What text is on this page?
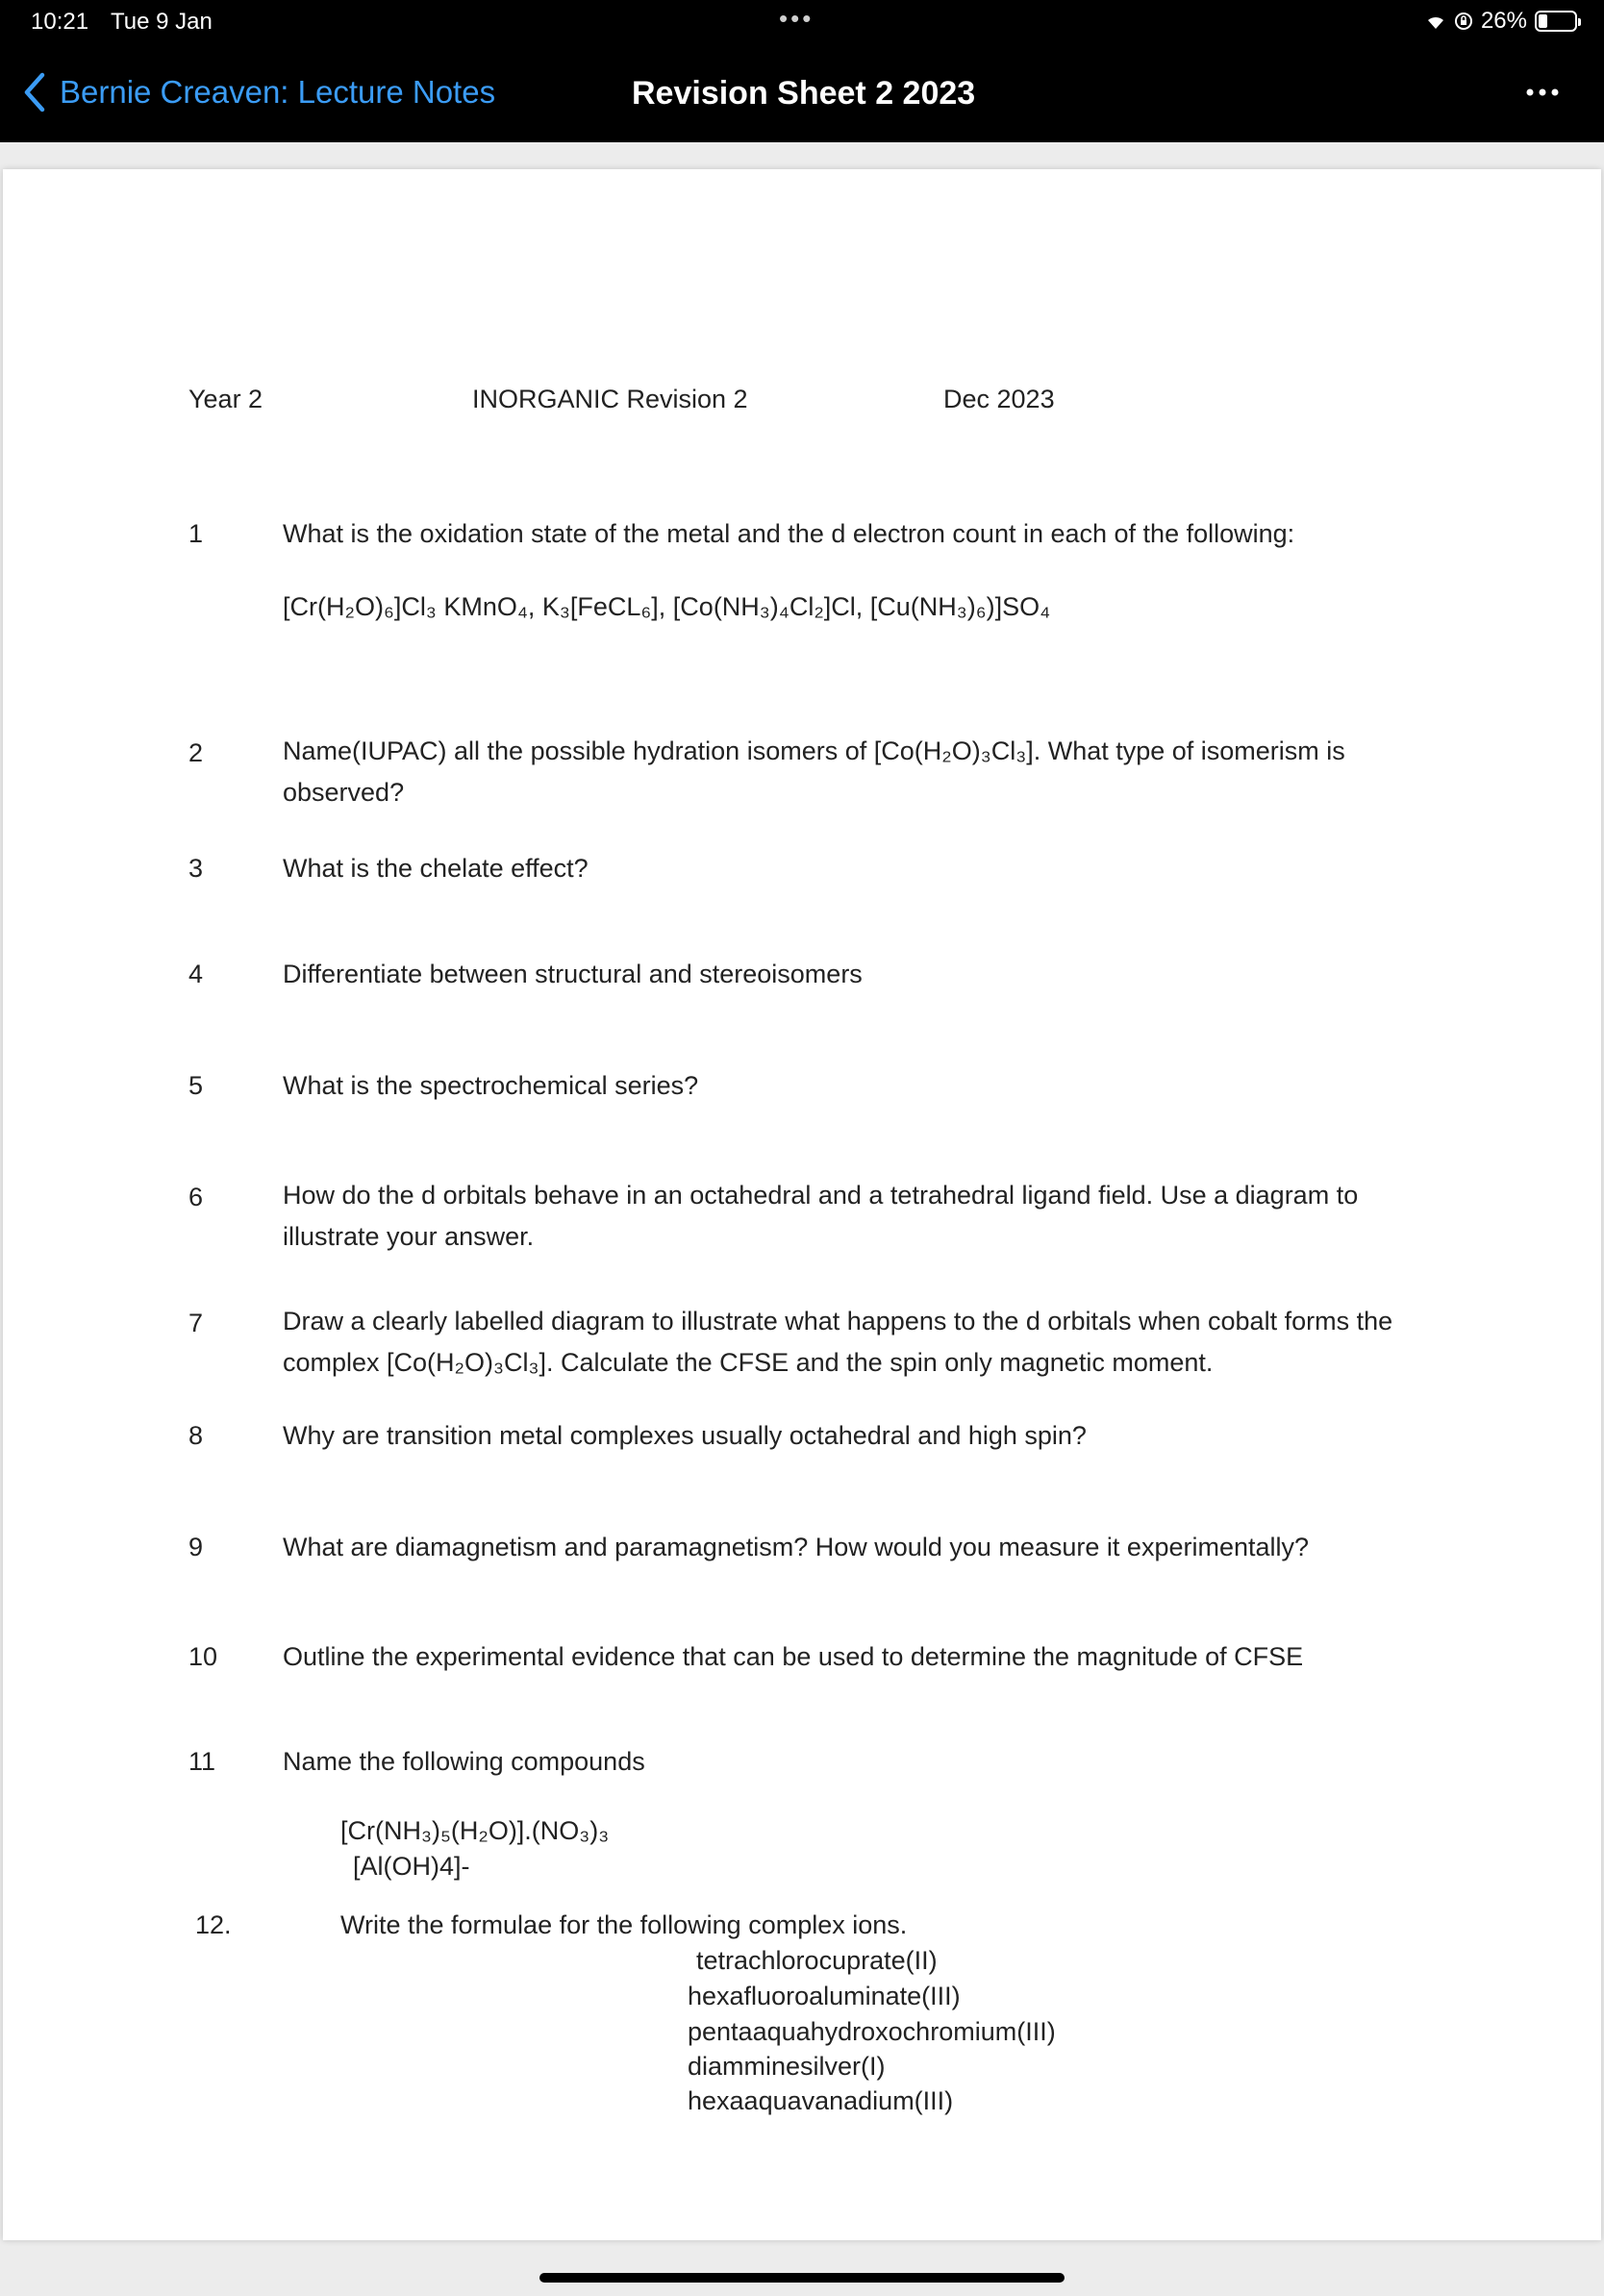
10:21 Tue 9 Jan	•••	26%
Bernie Creaven: Lecture Notes	Revision Sheet 2 2023
Year 2	INORGANIC Revision 2	Dec 2023
1	What is the oxidation state of the metal and the d electron count in each of the following:
[Cr(H₂O)₆]Cl₃ KMnO₄, K₃[FeCL₆], [Co(NH₃)₄Cl₂]Cl, [Cu(NH₃)₆)]SO₄
2	Name(IUPAC) all the possible hydration isomers of [Co(H₂O)₃Cl₃]. What type of isomerism is observed?
3	What is the chelate effect?
4	Differentiate between structural and stereoisomers
5	What is the spectrochemical series?
6	How do the d orbitals behave in an octahedral and a tetrahedral ligand field. Use a diagram to illustrate your answer.
7	Draw a clearly labelled diagram to illustrate what happens to the d orbitals when cobalt forms the complex [Co(H₂O)₃Cl₃]. Calculate the CFSE and the spin only magnetic moment.
8	Why are transition metal complexes usually octahedral and high spin?
9	What are diamagnetism and paramagnetism? How would you measure it experimentally?
10	Outline the experimental evidence that can be used to determine the magnitude of CFSE
11	Name the following compounds
[Cr(NH₃)₅(H₂O)].(NO₃)₃
[Al(OH)4]-
12.	Write the formulae for the following complex ions.
tetrachlorocuprate(II)
hexafluoroaluminate(III)
pentaaquahydroxochromium(III)
diamminesilver(I)
hexaaquavanadium(III)
